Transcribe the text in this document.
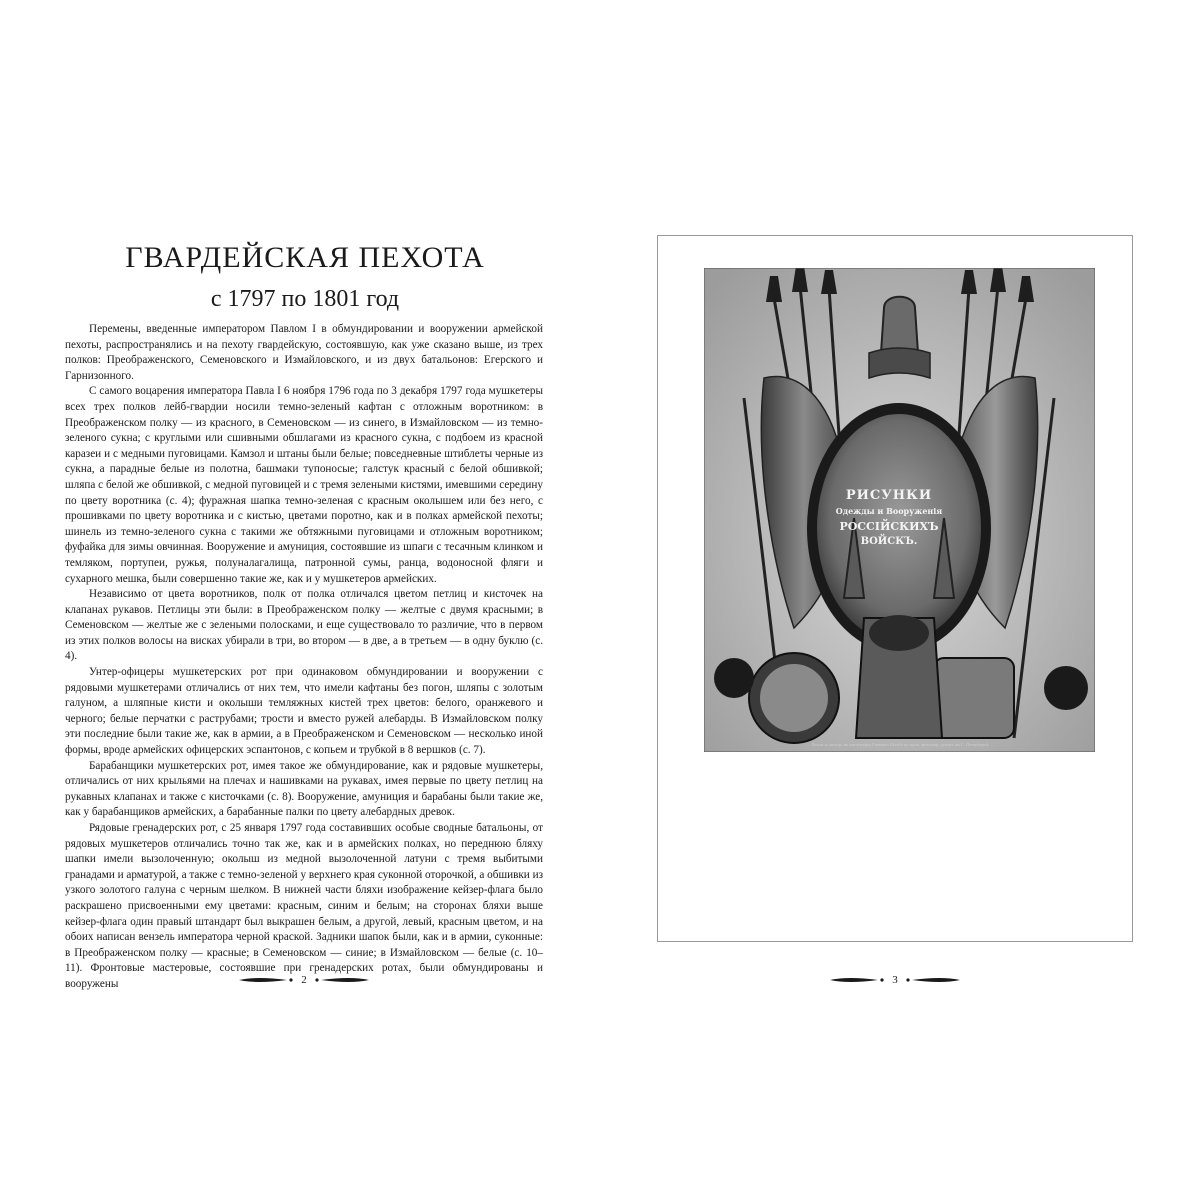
ГВАРДЕЙСКАЯ ПЕХОТА
с 1797 по 1801 год

Перемены, введенные императором Павлом I в обмундировании и вооружении армейской пехоты, распространялись и на пехоту гвардейскую, состоявшую, как уже сказано выше, из трех полков: Преображенского, Семеновского и Измайловского, и из двух батальонов: Егерского и Гарнизонного.

С самого воцарения императора Павла I 6 ноября 1796 года по 3 декабря 1797 года мушкетеры всех трех полков лейб-гвардии носили темно-зеленый кафтан с отложным воротником: в Преображенском полку — из красного, в Семеновском — из синего, в Измайловском — из темно-зеленого сукна; с круглыми или сшивными обшлагами из красного сукна, с подбоем из красной каразеи и с медными пуговицами. Камзол и штаны были белые; повседневные штиблеты черные из сукна, а парадные белые из полотна, башмаки тупоносые; галстук красный с белой обшивкой; шляпа с белой же обшивкой, с медной пуговицей и с тремя зелеными кистями, имевшими середину по цвету воротника (с. 4); фуражная шапка темно-зеленая с красным околышем или без него, с прошивками по цвету воротника и с кистью, цветами поротно, как и в полках армейской пехоты; шинель из темно-зеленого сукна с такими же обтяжными пуговицами и отложным воротником; фуфайка для зимы овчинная. Вооружение и амуниция, состоявшие из шпаги с тесачным клинком и темляком, портупеи, ружья, полуналагалища, патронной сумы, ранца, водоносной фляги и сухарного мешка, были совершенно такие же, как и у мушкетеров армейских.

Независимо от цвета воротников, полк от полка отличался цветом петлиц и кисточек на клапанах рукавов. Петлицы эти были: в Преображенском полку — желтые с двумя красными; в Семеновском — желтые же с зелеными полосками, и еще существовало то различие, что в первом из этих полков волосы на висках убирали в три, во втором — в две, а в третьем — в одну буклю (с. 4).

Унтер-офицеры мушкетерских рот при одинаковом обмундировании и вооружении с рядовыми мушкетерами отличались от них тем, что имели кафтаны без погон, шляпы с золотым галуном, а шляпные кисти и околыши темляжных кистей трех цветов: белого, оранжевого и черного; белые перчатки с раструбами; трости и вместо ружей алебарды. В Измайловском полку эти последние были такие же, как в армии, а в Преображенском и Семеновском — несколько иной формы, вроде армейских офицерских эспантонов, с копьем и трубкой в 8 вершков (с. 7).

Барабанщики мушкетерских рот, имея такое же обмундирование, как и рядовые мушкетеры, отличались от них крыльями на плечах и нашивками на рукавах, имея первые по цвету петлиц на рукавных клапанах и также с кисточками (с. 8). Вооружение, амуниция и барабаны были такие же, как у барабанщиков армейских, а барабанные палки по цвету алебардных древок.

Рядовые гренадерских рот, с 25 января 1797 года составивших особые сводные батальоны, от рядовых мушкетеров отличались точно так же, как и в армейских полках, но переднюю бляху шапки имели вызолоченную; околыш из медной вызолоченной латуни с тремя выбитыми гранадами и арматурой, а также с темно-зеленой у верхнего края суконной оторочкой, а обшивки из узкого золотого галуна с черным шелком. В нижней части бляхи изображение кейзер-флага было раскрашено присвоенными ему цветами: красным, синим и белым; на сторонах бляхи выше кейзер-флага один правый штандарт был выкрашен белым, а другой, левый, красным цветом, и на обоих написан вензель императора черной краской. Задники шапок были, как и в армии, суконные: в Преображенском полку — красные; в Семеновском — синие; в Измайловском — белые (с. 10–11). Фронтовые мастеровые, состоявшие при гренадерских ротах, были обмундированы и вооружены	2	3
РИСУНКИ
Одежды и Вооруженія
РОССІЙСКИХЪ
ВОЙСКЪ.
Рисов. и литогр. въ литографіи Главнаго Штаба по пров. артиллер. департ. въ С. Петербургѣ
